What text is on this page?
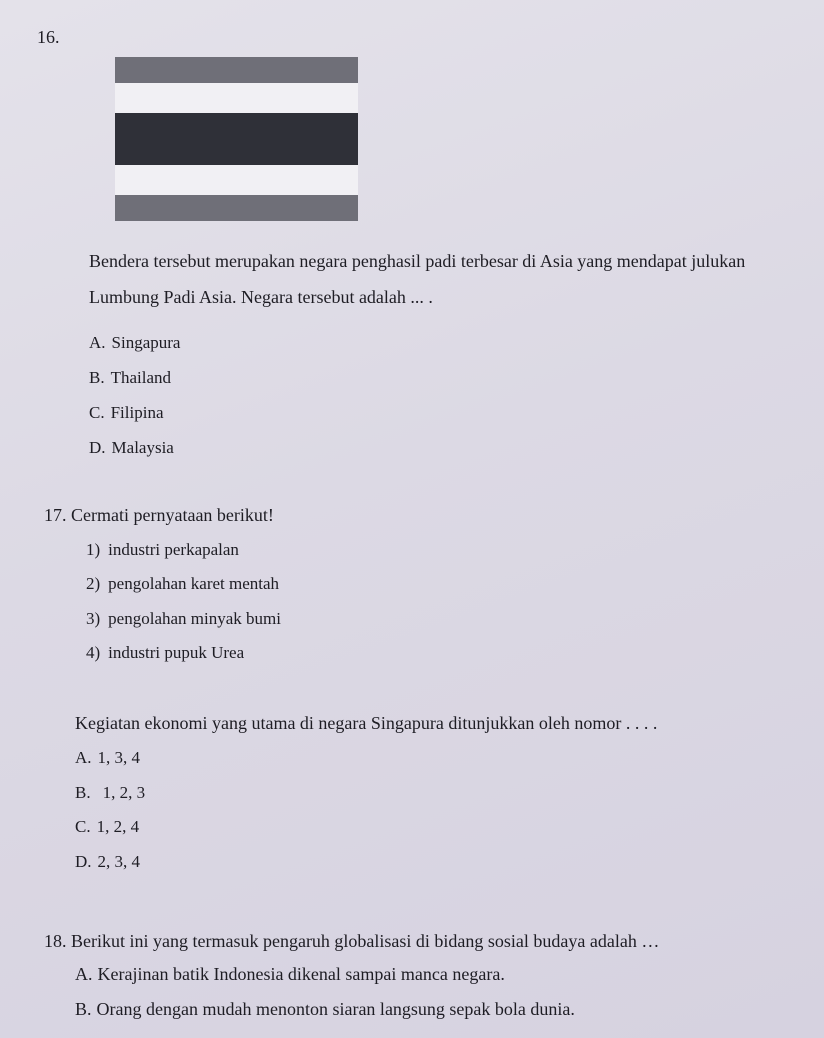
16.
Bendera tersebut merupakan negara penghasil padi terbesar di Asia yang mendapat julukan
Lumbung Padi Asia. Negara tersebut adalah ... .
A. Singapura
B. Thailand
C. Filipina
D. Malaysia
17. Cermati pernyataan berikut!
1) industri perkapalan
2) pengolahan karet mentah
3) pengolahan minyak bumi
4) industri pupuk Urea
Kegiatan ekonomi yang utama di negara Singapura ditunjukkan oleh nomor . . . .
A. 1, 3, 4
B. 1, 2, 3
C. 1, 2, 4
D. 2, 3, 4
18. Berikut ini yang termasuk pengaruh globalisasi di bidang sosial budaya adalah …
A. Kerajinan batik Indonesia dikenal sampai manca negara.
B. Orang dengan mudah menonton siaran langsung sepak bola dunia.
